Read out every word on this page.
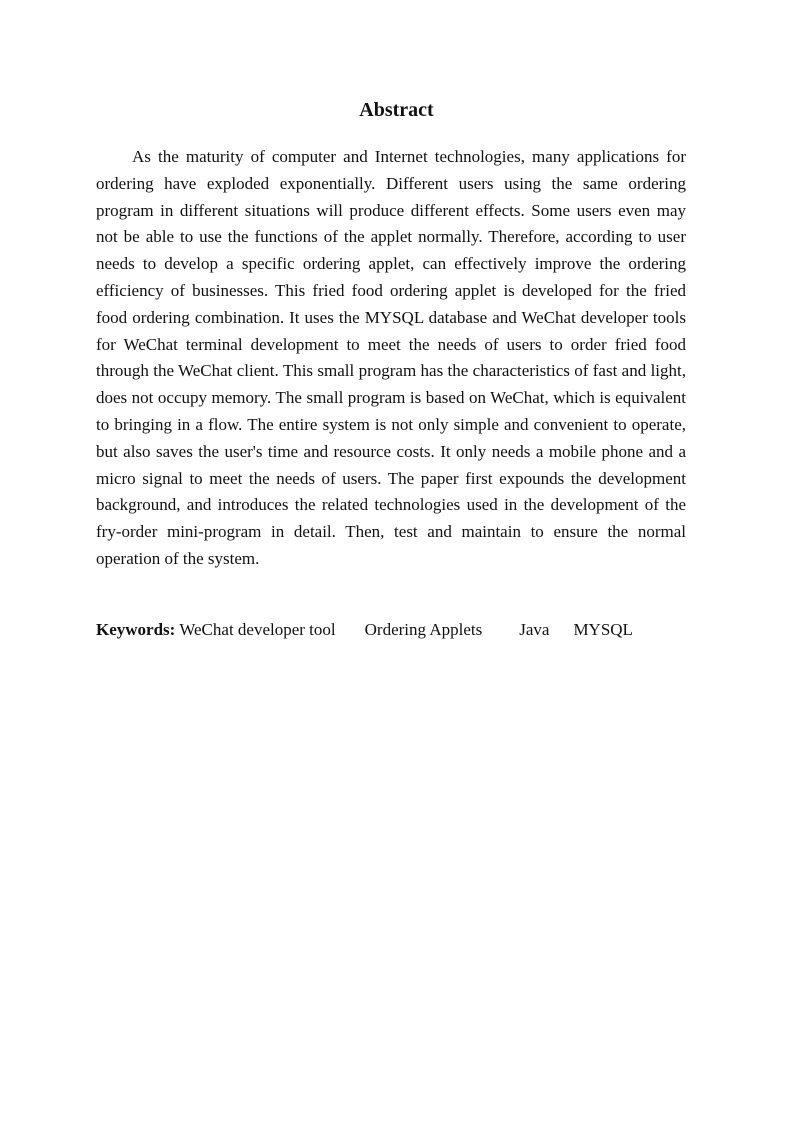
Abstract

As the maturity of computer and Internet technologies, many applications for ordering have exploded exponentially. Different users using the same ordering program in different situations will produce different effects. Some users even may not be able to use the functions of the applet normally. Therefore, according to user needs to develop a specific ordering applet, can effectively improve the ordering efficiency of businesses. This fried food ordering applet is developed for the fried food ordering combination. It uses the MYSQL database and WeChat developer tools for WeChat terminal development to meet the needs of users to order fried food through the WeChat client. This small program has the characteristics of fast and light, does not occupy memory. The small program is based on WeChat, which is equivalent to bringing in a flow. The entire system is not only simple and convenient to operate, but also saves the user's time and resource costs. It only needs a mobile phone and a micro signal to meet the needs of users. The paper first expounds the development background, and introduces the related technologies used in the development of the fry-order mini-program in detail. Then, test and maintain to ensure the normal operation of the system.

Keywords: WeChat developer tool Ordering Applets Java MYSQL
